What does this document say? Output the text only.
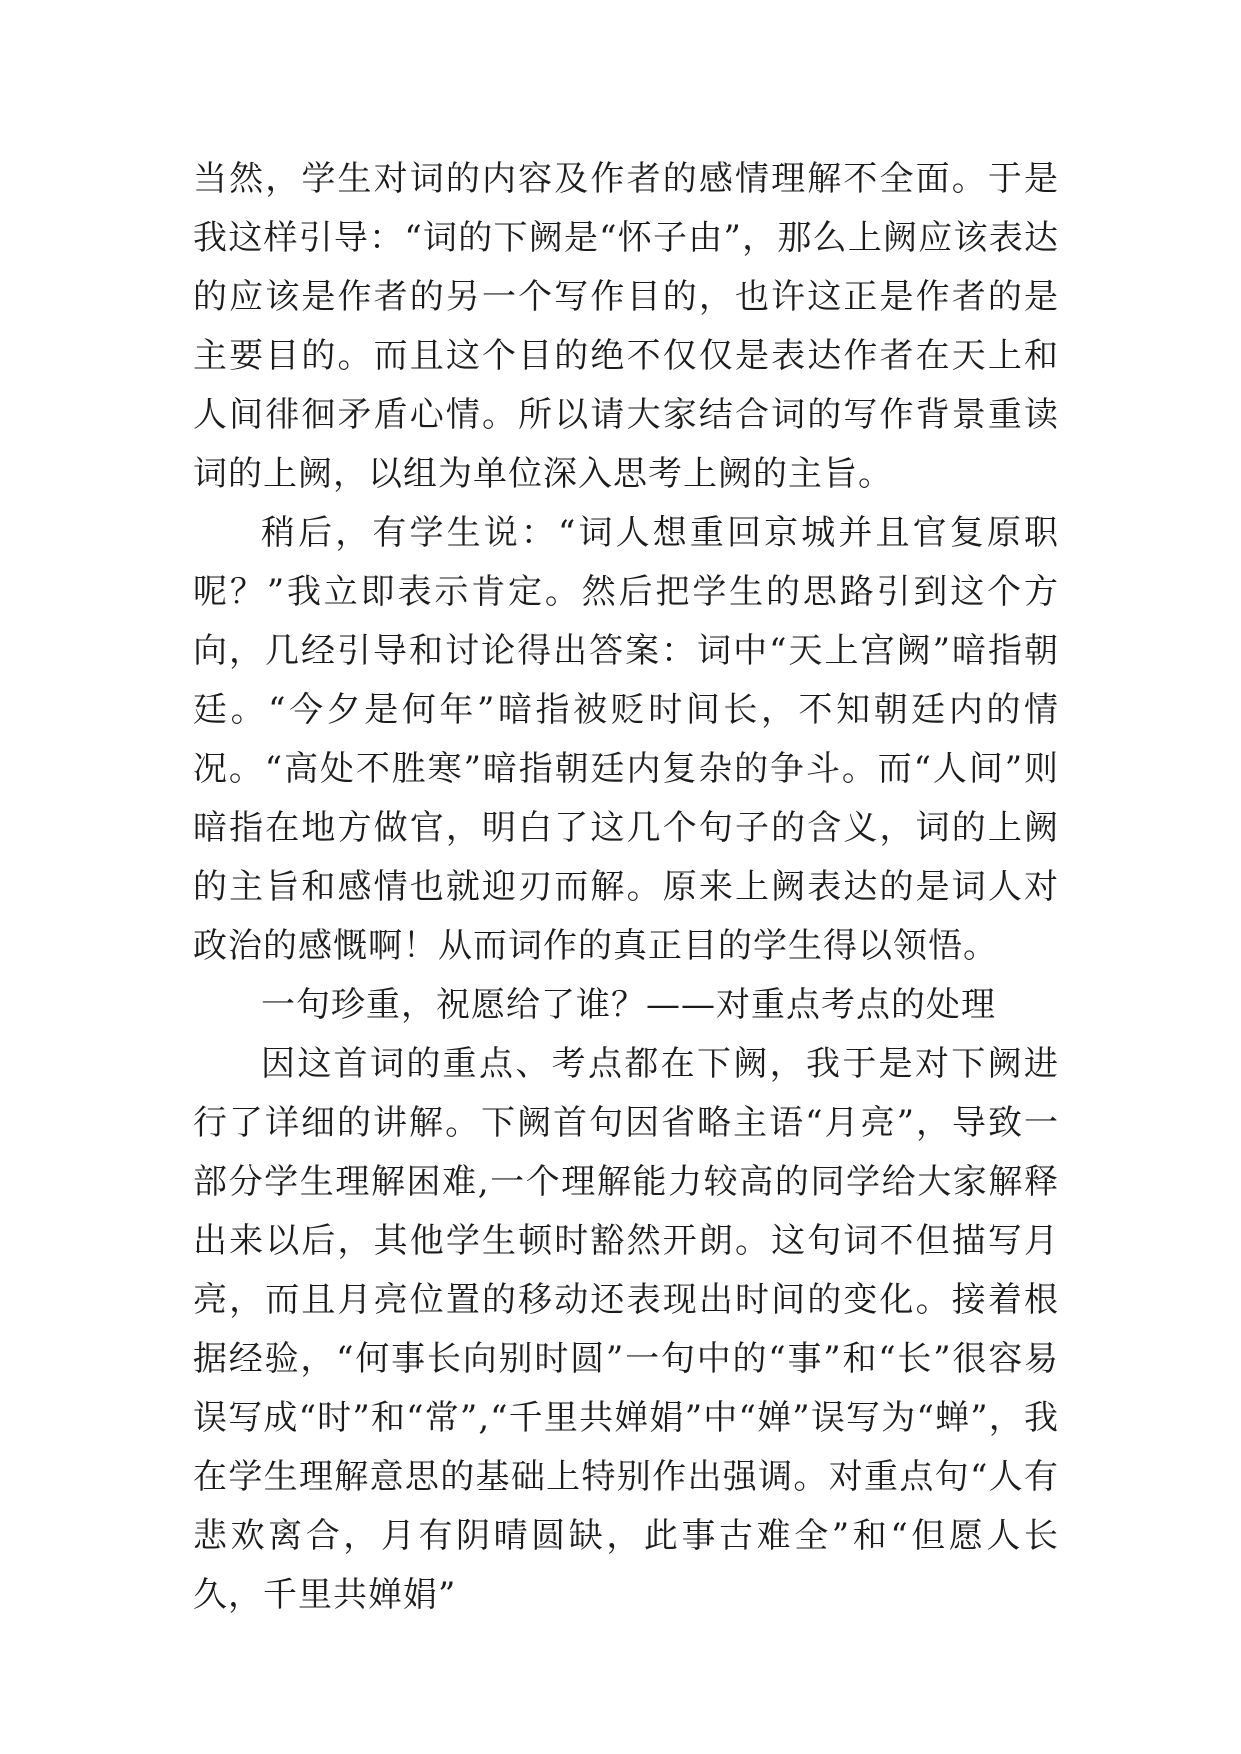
当然，学生对词的内容及作者的感情理解不全面。于是我这样引导：“词的下阙是“怀子由”，那么上阙应该表达的应该是作者的另一个写作目的，也许这正是作者的是主要目的。而且这个目的绝不仅仅是表达作者在天上和人间徘徊矛盾心情。所以请大家结合词的写作背景重读词的上阙，以组为单位深入思考上阙的主旨。

稍后，有学生说：“词人想重回京城并且官复原职呢？”我立即表示肯定。然后把学生的思路引到这个方向，几经引导和讨论得出答案：词中“天上宫阙”暗指朝廷。“今夕是何年”暗指被贬时间长，不知朝廷内的情况。“高处不胜寒”暗指朝廷内复杂的争斗。而“人间”则暗指在地方做官，明白了这几个句子的含义，词的上阙的主旨和感情也就迎刃而解。原来上阙表达的是词人对政治的感慨啊！从而词作的真正目的学生得以领悟。

一句珍重，祝愿给了谁？——对重点考点的处理

因这首词的重点、考点都在下阙，我于是对下阙进行了详细的讲解。下阙首句因省略主语“月亮”，导致一部分学生理解困难,一个理解能力较高的同学给大家解释出来以后，其他学生顿时豁然开朗。这句词不但描写月亮，而且月亮位置的移动还表现出时间的变化。接着根据经验，“何事长向别时圆”一句中的“事”和“长”很容易误写成“时”和“常”,“千里共婵娟”中“婵”误写为“蝉”，我在学生理解意思的基础上特别作出强调。对重点句“人有悲欢离合，月有阴晴圆缺，此事古难全”和“但愿人长久，千里共婵娟”
